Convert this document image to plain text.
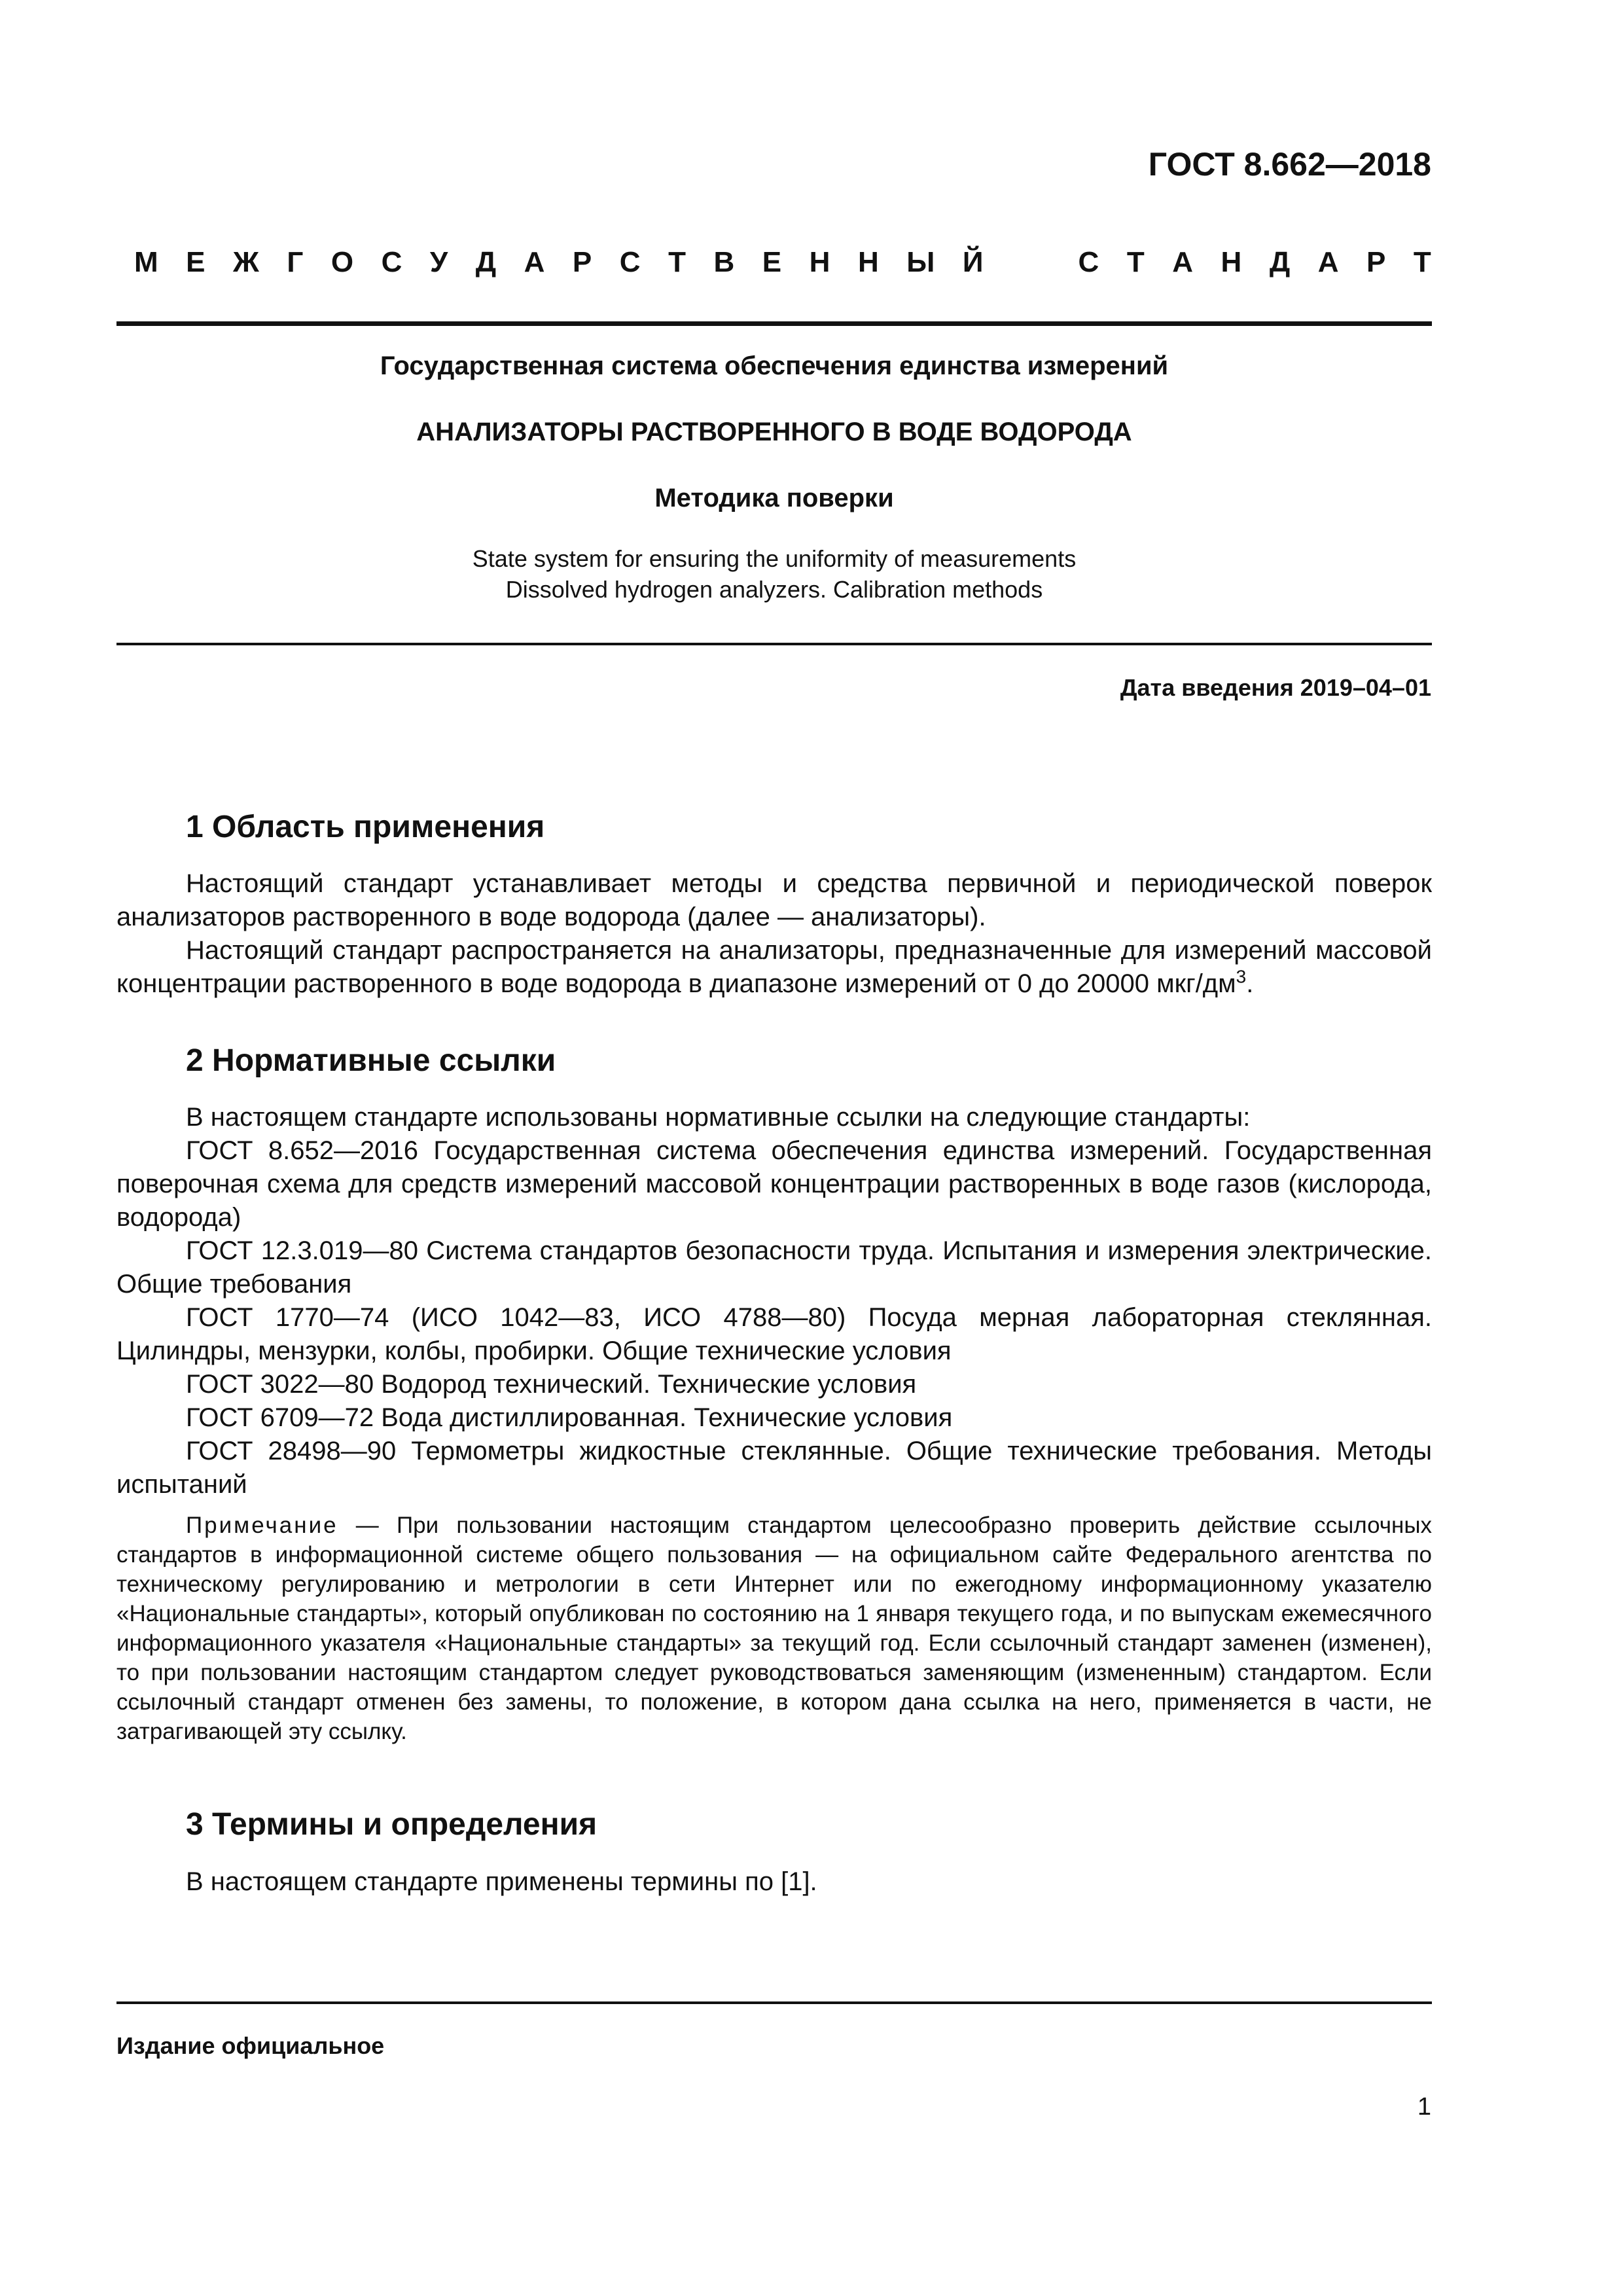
ГОСТ 8.662—2018
М Е Ж Г О С У Д А Р С Т В Е Н Н Ы Й	С Т А Н Д А Р Т
Государственная система обеспечения единства измерений
АНАЛИЗАТОРЫ РАСТВОРЕННОГО В ВОДЕ ВОДОРОДА
Методика поверки
State system for ensuring the uniformity of measurements
Dissolved hydrogen analyzers. Calibration methods
Дата введения 2019–04–01
1 Область применения

Настоящий стандарт устанавливает методы и средства первичной и периодической поверок анализаторов растворенного в воде водорода (далее — анализаторы).

Настоящий стандарт распространяется на анализаторы, предназначенные для измерений массовой концентрации растворенного в воде водорода в диапазоне измерений от 0 до 20000 мкг/$дм^3$.

2 Нормативные ссылки

В настоящем стандарте использованы нормативные ссылки на следующие стандарты:

ГОСТ 8.652—2016 Государственная система обеспечения единства измерений. Государственная поверочная схема для средств измерений массовой концентрации растворенных в воде газов (кислорода, водорода)

ГОСТ 12.3.019—80 Система стандартов безопасности труда. Испытания и измерения электрические. Общие требования

ГОСТ 1770—74 (ИСО 1042—83, ИСО 4788—80) Посуда мерная лабораторная стеклянная. Цилиндры, мензурки, колбы, пробирки. Общие технические условия

ГОСТ 3022—80 Водород технический. Технические условия

ГОСТ 6709—72 Вода дистиллированная. Технические условия

ГОСТ 28498—90 Термометры жидкостные стеклянные. Общие технические требования. Методы испытаний

Примечание — При пользовании настоящим стандартом целесообразно проверить действие ссылочных стандартов в информационной системе общего пользования — на официальном сайте Федерального агентства по техническому регулированию и метрологии в сети Интернет или по ежегодному информационному указателю «Национальные стандарты», который опубликован по состоянию на 1 января текущего года, и по выпускам ежемесячного информационного указателя «Национальные стандарты» за текущий год. Если ссылочный стандарт заменен (изменен), то при пользовании настоящим стандартом следует руководствоваться заменяющим (измененным) стандартом. Если ссылочный стандарт отменен без замены, то положение, в котором дана ссылка на него, применяется в части, не затрагивающей эту ссылку.
3 Термины и определения
В настоящем стандарте применены термины по [1].
Издание официальное
1
